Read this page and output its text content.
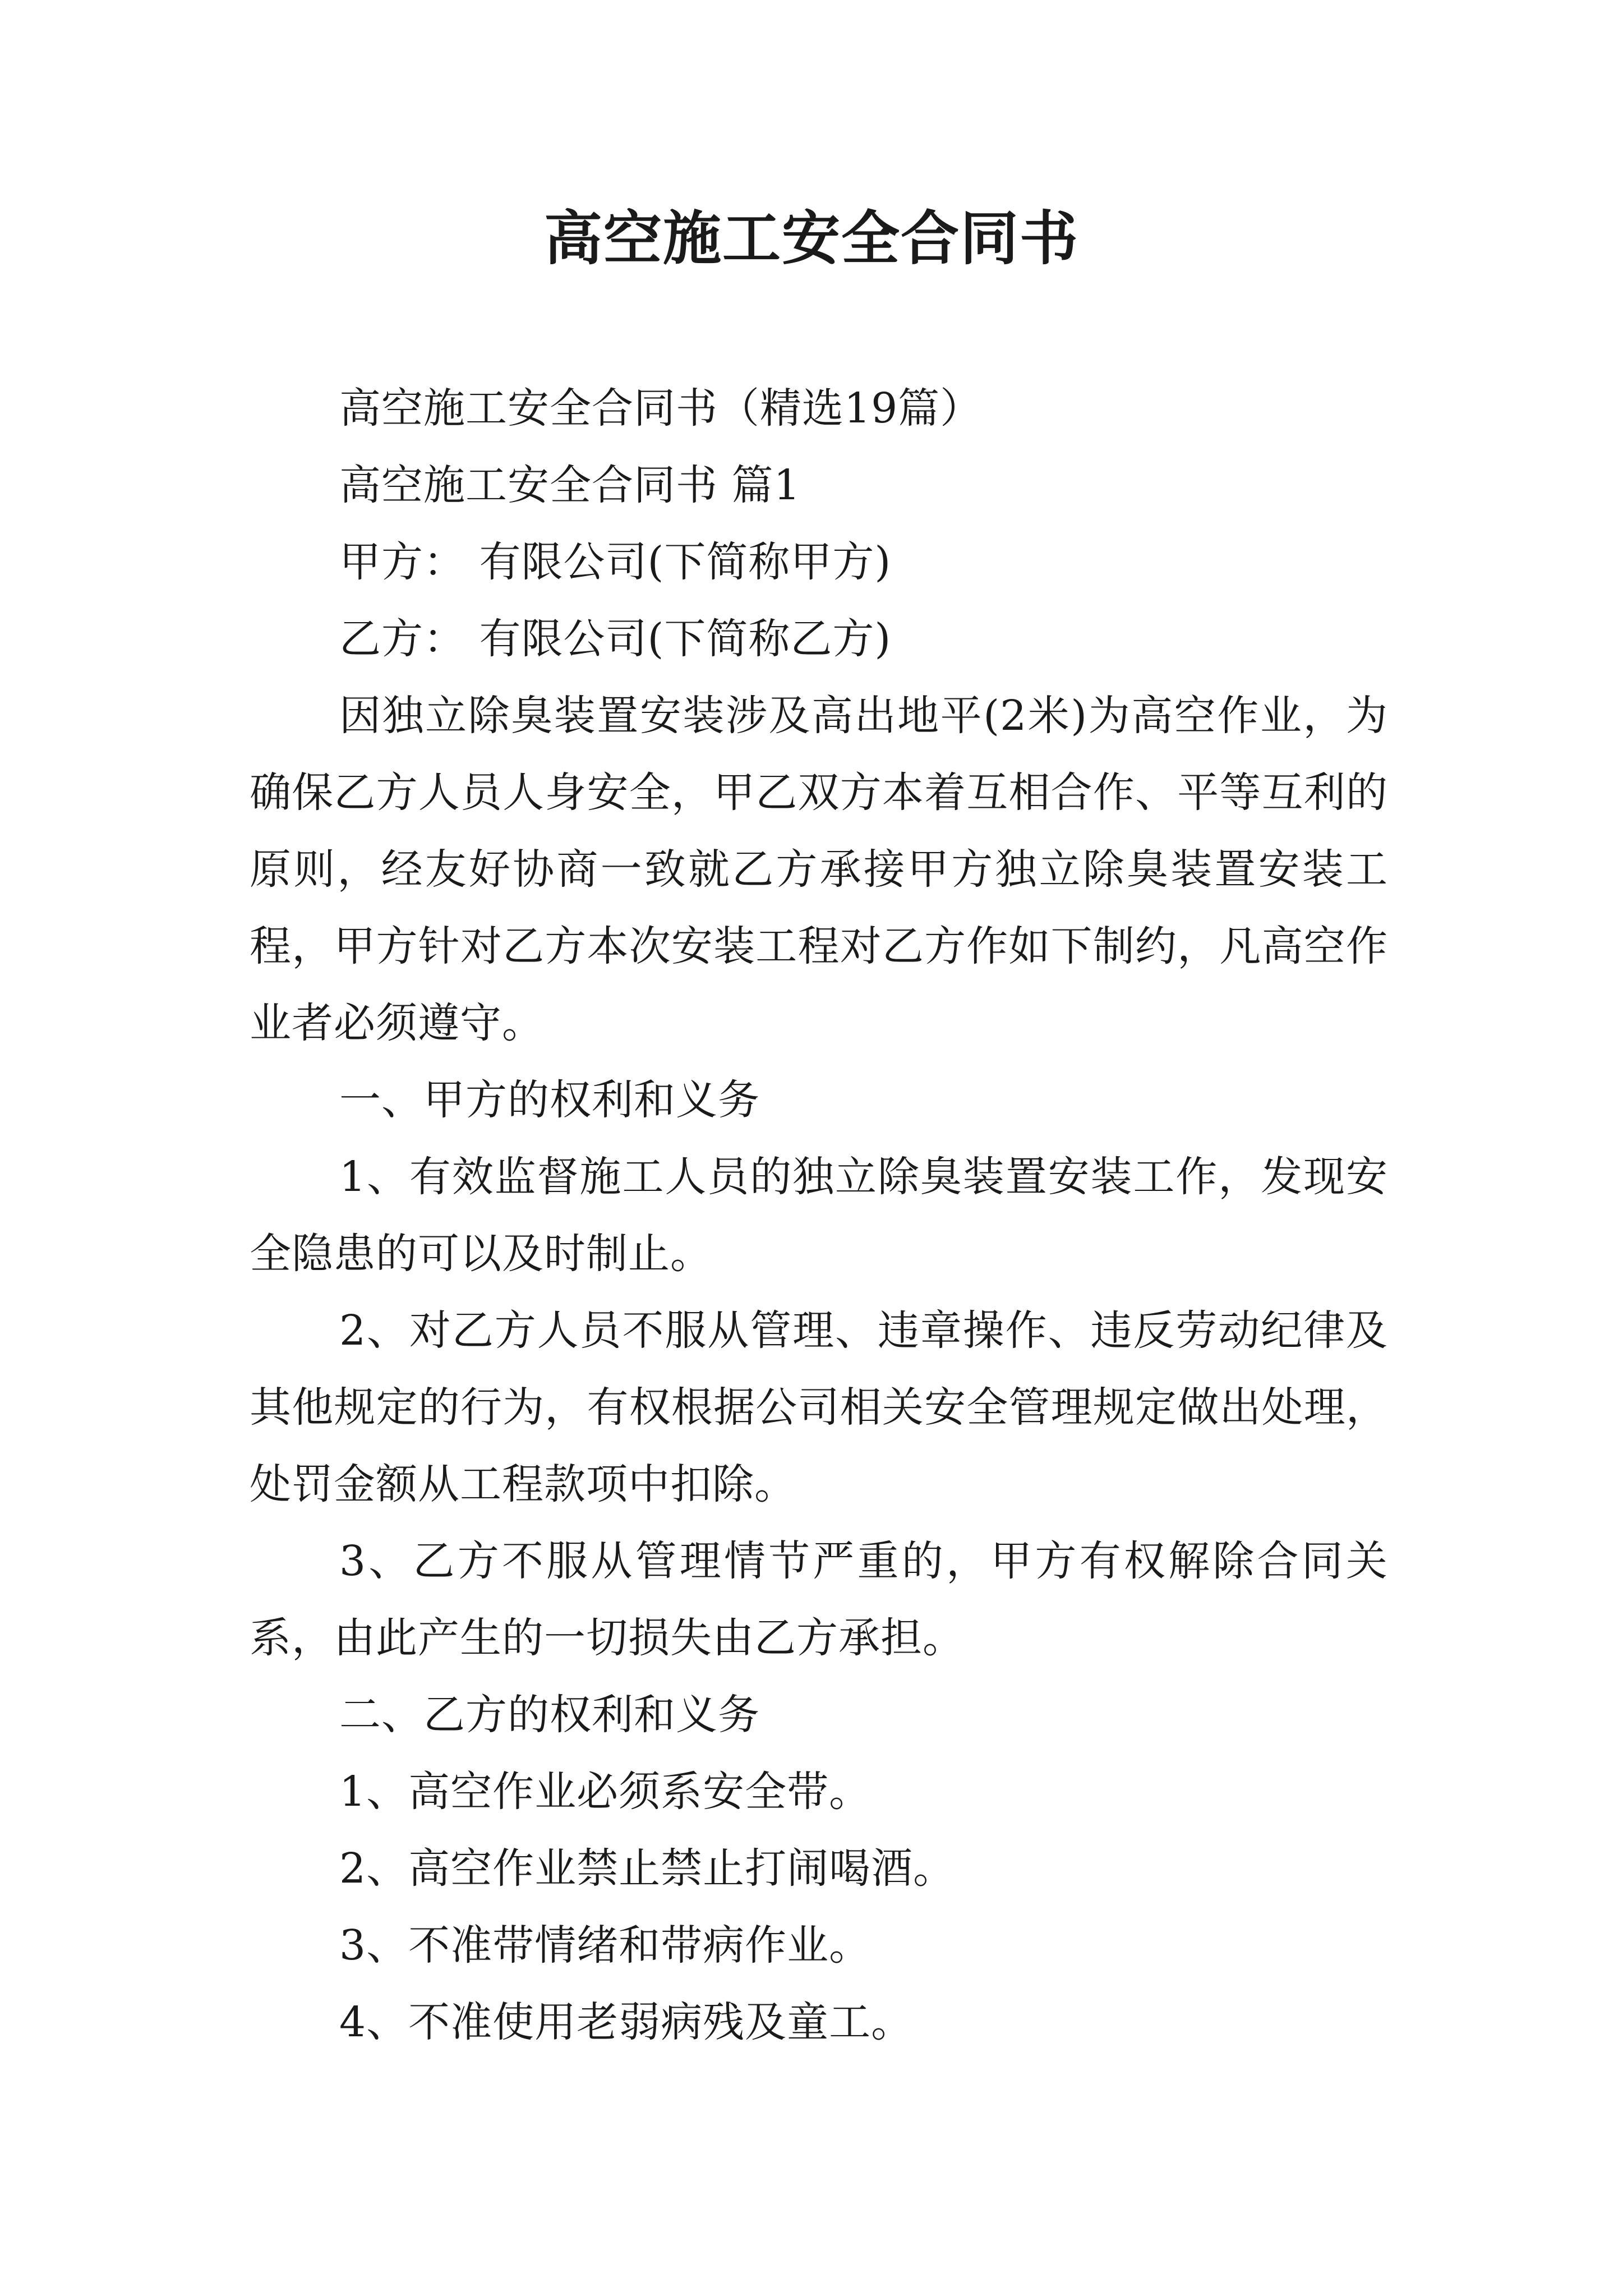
高空施工安全合同书

高空施工安全合同书（精选19篇）

高空施工安全合同书 篇1

甲方： 有限公司(下简称甲方)

乙方： 有限公司(下简称乙方)

因独立除臭装置安装涉及高出地平(2米)为高空作业，为确保乙方人员人身安全，甲乙双方本着互相合作、平等互利的原则，经友好协商一致就乙方承接甲方独立除臭装置安装工程，甲方针对乙方本次安装工程对乙方作如下制约，凡高空作业者必须遵守。

一、甲方的权利和义务

1、有效监督施工人员的独立除臭装置安装工作，发现安全隐患的可以及时制止。

2、对乙方人员不服从管理、违章操作、违反劳动纪律及其他规定的行为，有权根据公司相关安全管理规定做出处理，处罚金额从工程款项中扣除。

3、乙方不服从管理情节严重的，甲方有权解除合同关系，由此产生的一切损失由乙方承担。

二、乙方的权利和义务

1、高空作业必须系安全带。

2、高空作业禁止禁止打闹喝酒。

3、不准带情绪和带病作业。

4、不准使用老弱病残及童工。
